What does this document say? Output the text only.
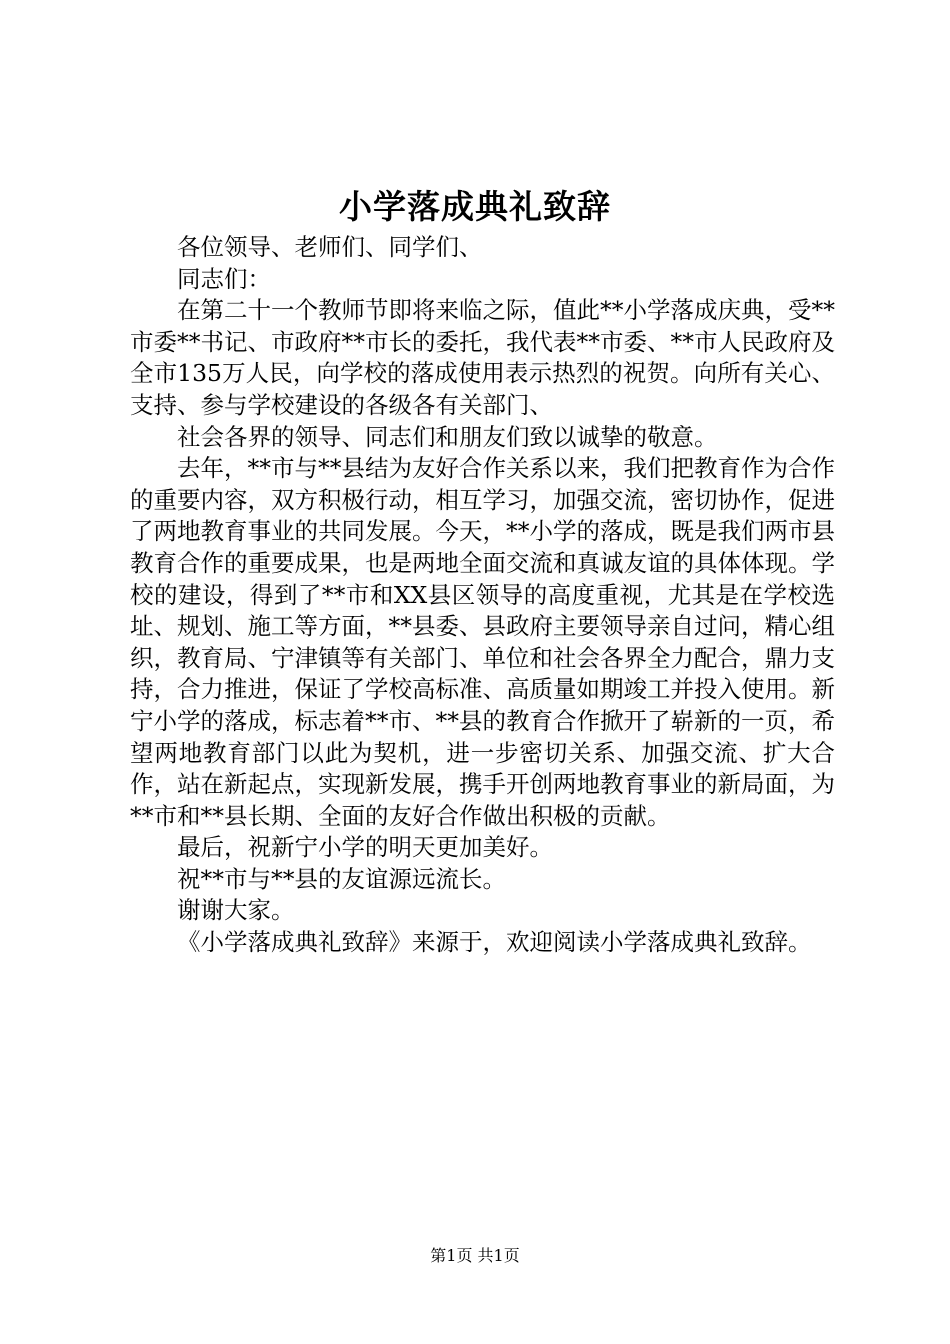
小学落成典礼致辞

各位领导、老师们、同学们、

同志们：

在第二十一个教师节即将来临之际，值此**小学落成庆典，受**市委**书记、市政府**市长的委托，我代表**市委、**市人民政府及全市135万人民，向学校的落成使用表示热烈的祝贺。向所有关心、支持、参与学校建设的各级各有关部门、

社会各界的领导、同志们和朋友们致以诚挚的敬意。

去年，**市与**县结为友好合作关系以来，我们把教育作为合作的重要内容，双方积极行动，相互学习，加强交流，密切协作，促进了两地教育事业的共同发展。今天，**小学的落成，既是我们两市县教育合作的重要成果，也是两地全面交流和真诚友谊的具体体现。学校的建设，得到了**市和XX县区领导的高度重视，尤其是在学校选址、规划、施工等方面，**县委、县政府主要领导亲自过问，精心组织，教育局、宁津镇等有关部门、单位和社会各界全力配合，鼎力支持，合力推进，保证了学校高标准、高质量如期竣工并投入使用。新宁小学的落成，标志着**市、**县的教育合作掀开了崭新的一页，希望两地教育部门以此为契机，进一步密切关系、加强交流、扩大合作，站在新起点，实现新发展，携手开创两地教育事业的新局面，为**市和**县长期、全面的友好合作做出积极的贡献。

最后，祝新宁小学的明天更加美好。

祝**市与**县的友谊源远流长。

谢谢大家。

《小学落成典礼致辞》来源于，欢迎阅读小学落成典礼致辞。

第1页 共1页
